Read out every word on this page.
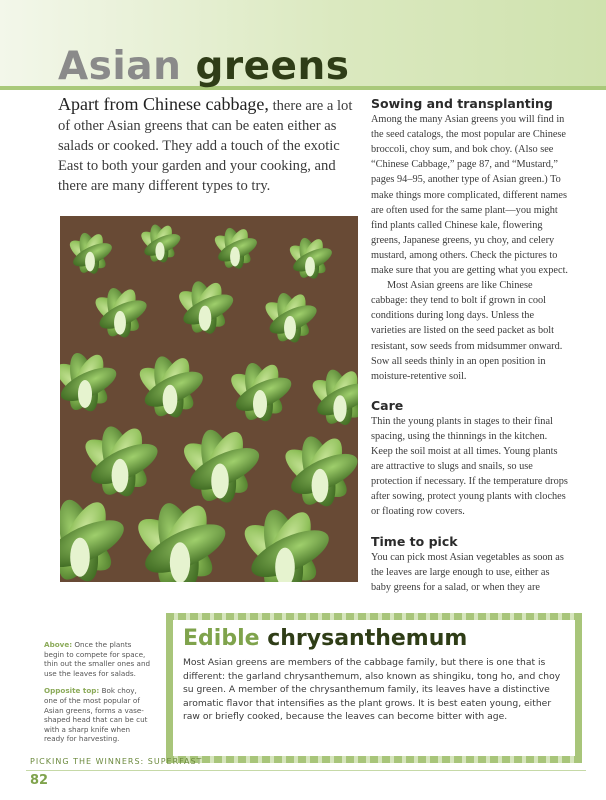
Asian greens

Apart from Chinese cabbage, there are a lot of other Asian greens that can be eaten either as salads or cooked. They add a touch of the exotic East to both your garden and your cooking, and there are many different types to try.

Sowing and transplanting

Among the many Asian greens you will find in the seed catalogs, the most popular are Chinese broccoli, choy sum, and bok choy. (Also see “Chinese Cabbage,” page 87, and “Mustard,” pages 94–95, another type of Asian green.) To make things more complicated, different names are often used for the same plant—you might find plants called Chinese kale, flowering greens, Japanese greens, yu choy, and celery mustard, among others. Check the pictures to make sure that you are getting what you expect.

Most Asian greens are like Chinese cabbage: they tend to bolt if grown in cool conditions during long days. Unless the varieties are listed on the seed packet as bolt resistant, sow seeds from midsummer onward. Sow all seeds thinly in an open position in moisture-retentive soil.

Care

Thin the young plants in stages to their final spacing, using the thinnings in the kitchen. Keep the soil moist at all times. Young plants are attractive to slugs and snails, so use protection if necessary. If the temperature drops after sowing, protect young plants with cloches or floating row covers.

Time to pick

You can pick most Asian vegetables as soon as the leaves are large enough to use, either as baby greens for a salad, or when they are

Above: Once the plants begin to compete for space, thin out the smaller ones and use the leaves for salads.

Opposite top: Bok choy, one of the most popular of Asian greens, forms a vase-shaped head that can be cut with a sharp knife when ready for harvesting.

Edible chrysanthemum

Most Asian greens are members of the cabbage family, but there is one that is different: the garland chrysanthemum, also known as shingiku, tong ho, and choy su green. A member of the chrysanthemum family, its leaves have a distinctive aromatic flavor that intensifies as the plant grows. It is best eaten young, either raw or briefly cooked, because the leaves can become bitter with age.

PICKING THE WINNERS: SUPERFAST
82
